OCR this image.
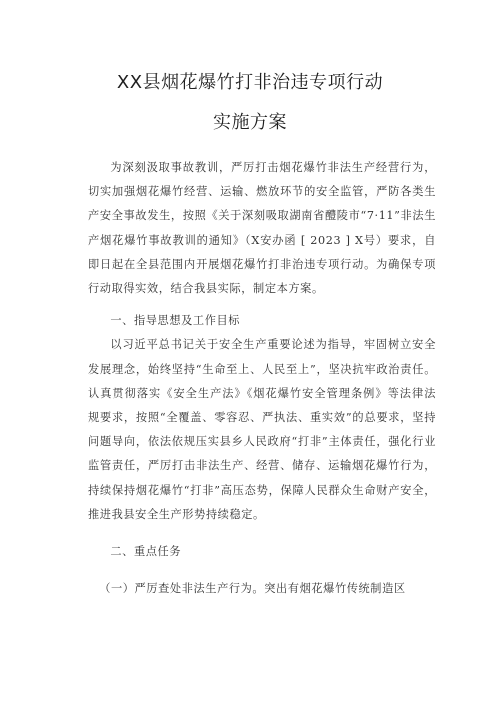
XX县烟花爆竹打非治违专项行动
实施方案

为深刻汲取事故教训，严厉打击烟花爆竹非法生产经营行为，切实加强烟花爆竹经营、运输、燃放环节的安全监管，严防各类生产安全事故发生，按照《关于深刻吸取湖南省醴陵市“7·11”非法生产烟花爆竹事故教训的通知》（X安办函 [ 2023 ] X号）要求，自即日起在全县范围内开展烟花爆竹打非治违专项行动。为确保专项行动取得实效，结合我县实际，制定本方案。

一、指导思想及工作目标

以习近平总书记关于安全生产重要论述为指导，牢固树立安全发展理念，始终坚持“生命至上、人民至上”，坚决抗牢政治责任。认真贯彻落实《安全生产法》《烟花爆竹安全管理条例》等法律法规要求，按照“全覆盖、零容忍、严执法、重实效”的总要求，坚持问题导向，依法依规压实县乡人民政府“打非”主体责任，强化行业监管责任，严厉打击非法生产、经营、储存、运输烟花爆竹行为，持续保持烟花爆竹“打非”高压态势，保障人民群众生命财产安全，推进我县安全生产形势持续稳定。

二、重点任务

（一）严厉查处非法生产行为。突出有烟花爆竹传统制造区
